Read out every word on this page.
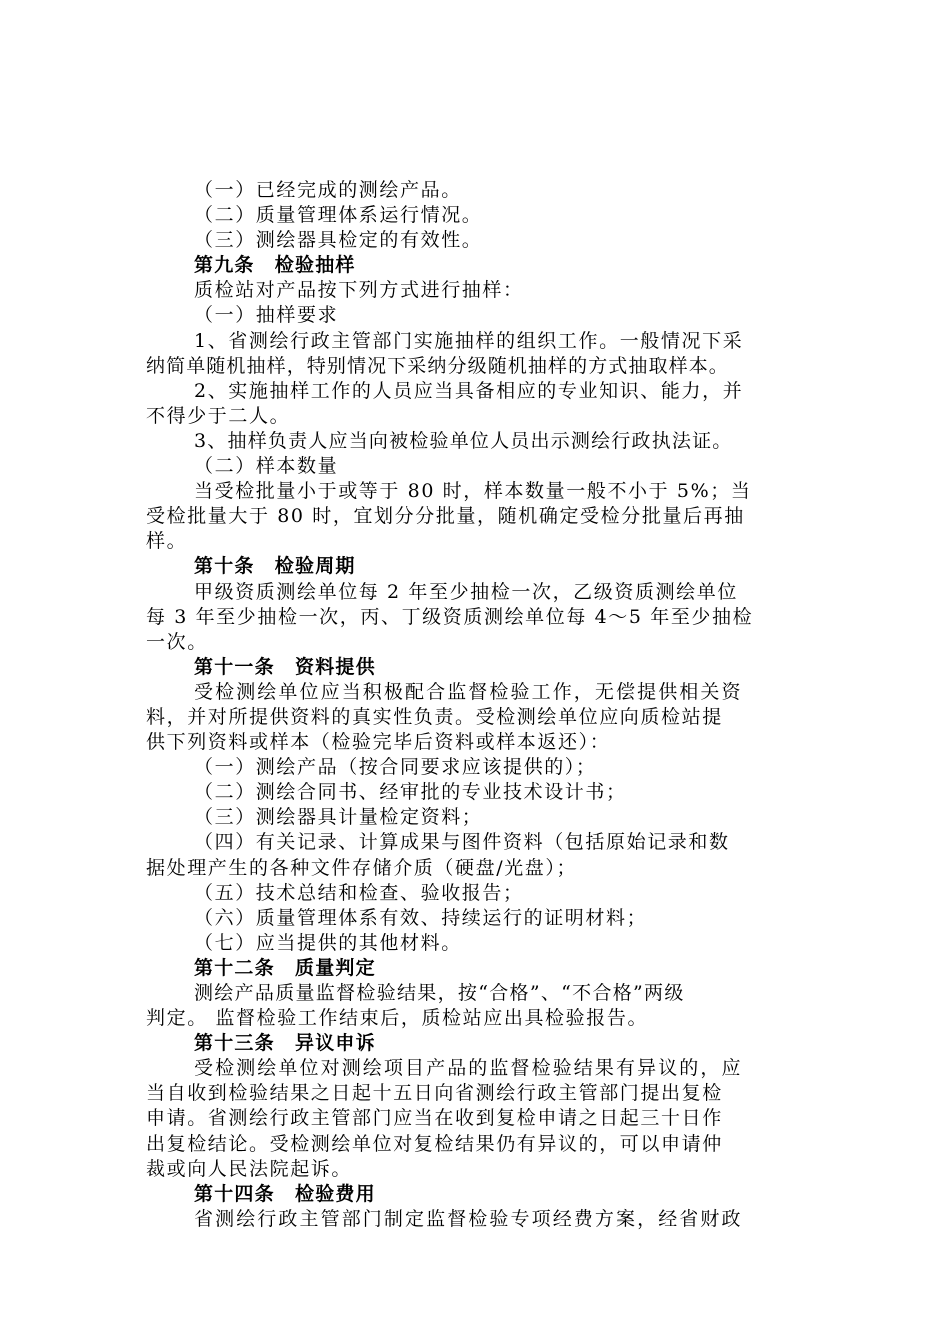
（一）已经完成的测绘产品。
（二）质量管理体系运行情况。
（三）测绘器具检定的有效性。
第九条　检验抽样
质检站对产品按下列方式进行抽样：
（一）抽样要求
1、省测绘行政主管部门实施抽样的组织工作。一般情况下采
纳简单随机抽样，特别情况下采纳分级随机抽样的方式抽取样本。
2、实施抽样工作的人员应当具备相应的专业知识、能力，并
不得少于二人。
3、抽样负责人应当向被检验单位人员出示测绘行政执法证。
（二）样本数量
当受检批量小于或等于 80 时，样本数量一般不小于 5%；当
受检批量大于 80 时，宜划分分批量，随机确定受检分批量后再抽
样。
第十条　检验周期
甲级资质测绘单位每 2 年至少抽检一次，乙级资质测绘单位
每 3 年至少抽检一次，丙、丁级资质测绘单位每 4～5 年至少抽检
一次。
第十一条　资料提供
受检测绘单位应当积极配合监督检验工作，无偿提供相关资
料，并对所提供资料的真实性负责。受检测绘单位应向质检站提
供下列资料或样本（检验完毕后资料或样本返还）：
（一）测绘产品（按合同要求应该提供的）；
（二）测绘合同书、经审批的专业技术设计书；
（三）测绘器具计量检定资料；
（四）有关记录、计算成果与图件资料（包括原始记录和数
据处理产生的各种文件存储介质（硬盘/光盘）；
（五）技术总结和检查、验收报告；
（六）质量管理体系有效、持续运行的证明材料；
（七）应当提供的其他材料。
第十二条　质量判定
测绘产品质量监督检验结果，按“合格”、“不合格”两级
判定。 监督检验工作结束后，质检站应出具检验报告。
第十三条　异议申诉
受检测绘单位对测绘项目产品的监督检验结果有异议的，应
当自收到检验结果之日起十五日向省测绘行政主管部门提出复检
申请。省测绘行政主管部门应当在收到复检申请之日起三十日作
出复检结论。受检测绘单位对复检结果仍有异议的，可以申请仲
裁或向人民法院起诉。
第十四条　检验费用
省测绘行政主管部门制定监督检验专项经费方案，经省财政
